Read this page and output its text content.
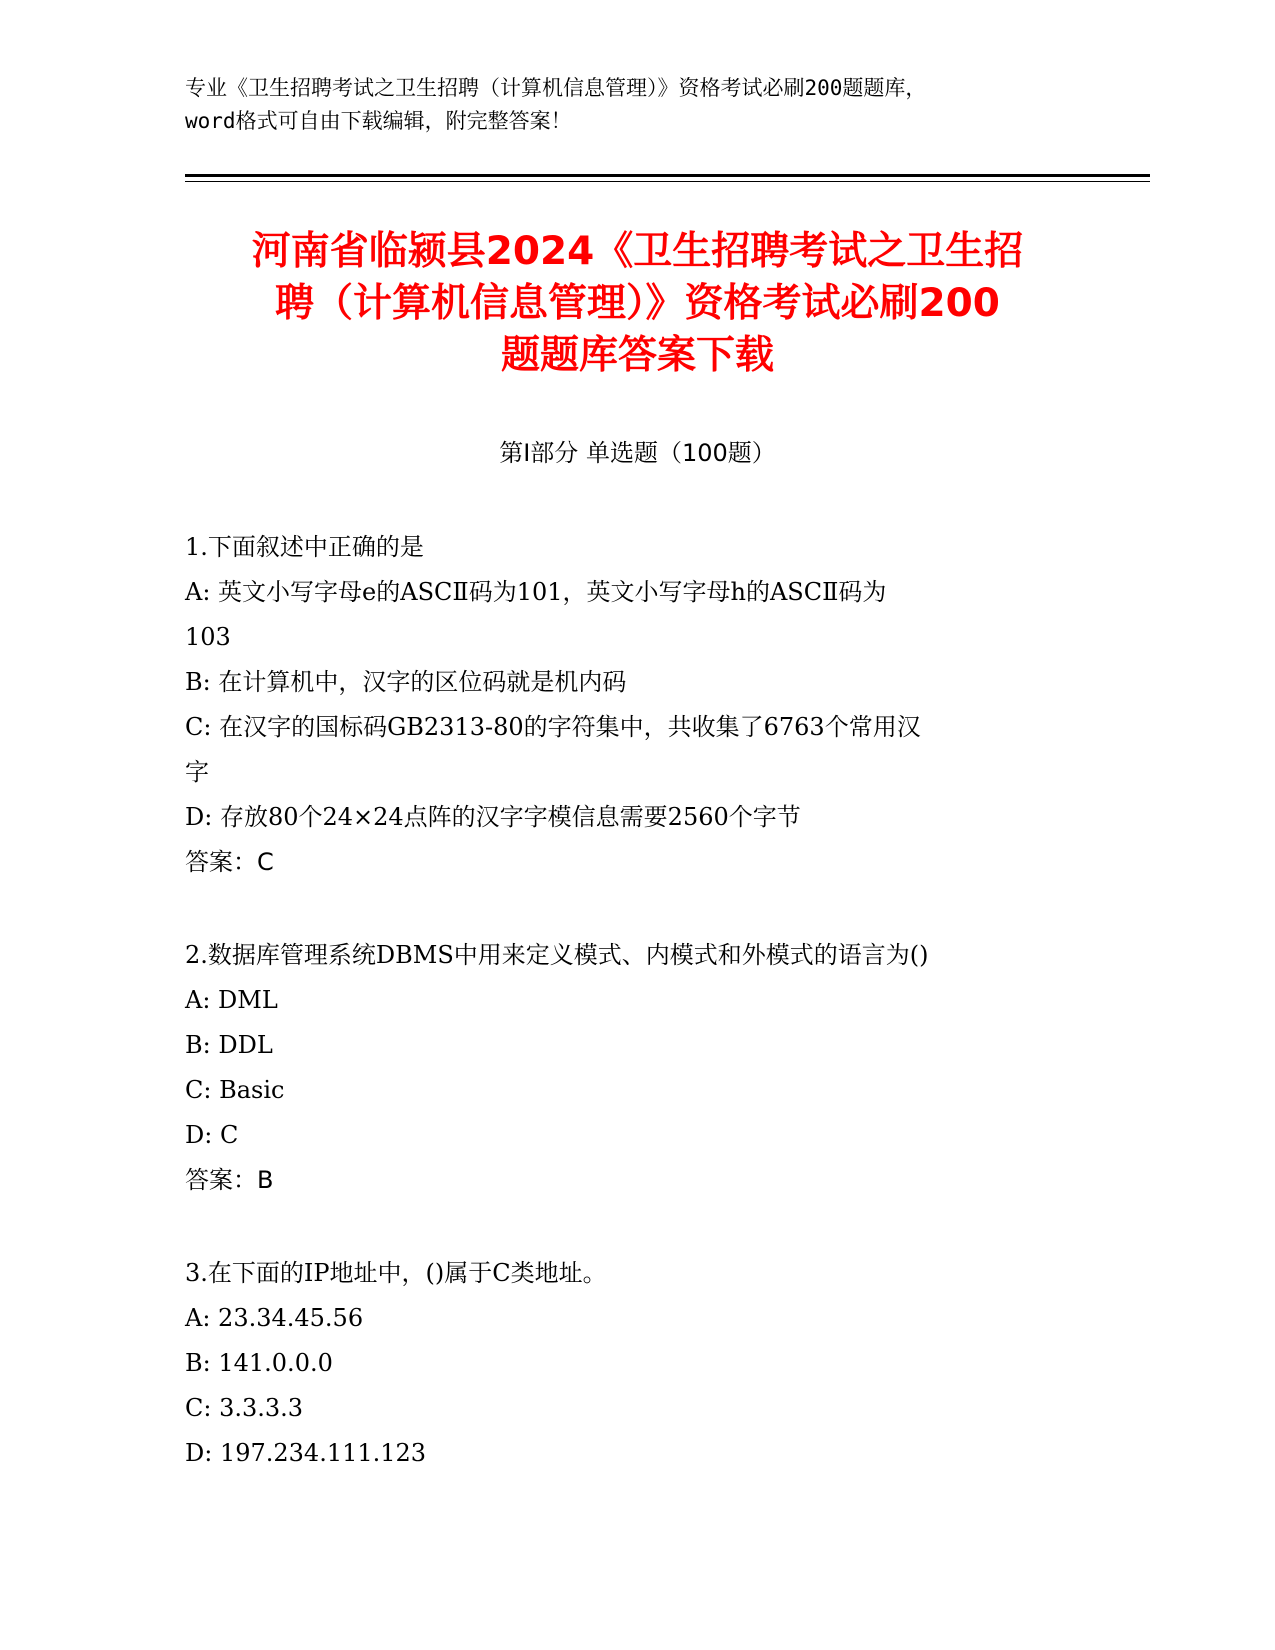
专业《卫生招聘考试之卫生招聘（计算机信息管理）》资格考试必刷200题题库，
word格式可自由下载编辑，附完整答案！
河南省临颍县2024《卫生招聘考试之卫生招
聘（计算机信息管理）》资格考试必刷200
题题库答案下载
第Ⅰ部分 单选题（100题）
1.下面叙述中正确的是
A: 英文小写字母e的ASCⅡ码为101，英文小写字母h的ASCⅡ码为
103
B: 在计算机中，汉字的区位码就是机内码
C: 在汉字的国标码GB2313-80的字符集中，共收集了6763个常用汉
字
D: 存放80个24×24点阵的汉字字模信息需要2560个字节
答案：C
2.数据库管理系统DBMS中用来定义模式、内模式和外模式的语言为()
A: DML
B: DDL
C: Basic
D: C
答案：B
3.在下面的IP地址中，()属于C类地址。
A: 23.34.45.56
B: 141.0.0.0
C: 3.3.3.3
D: 197.234.111.123
